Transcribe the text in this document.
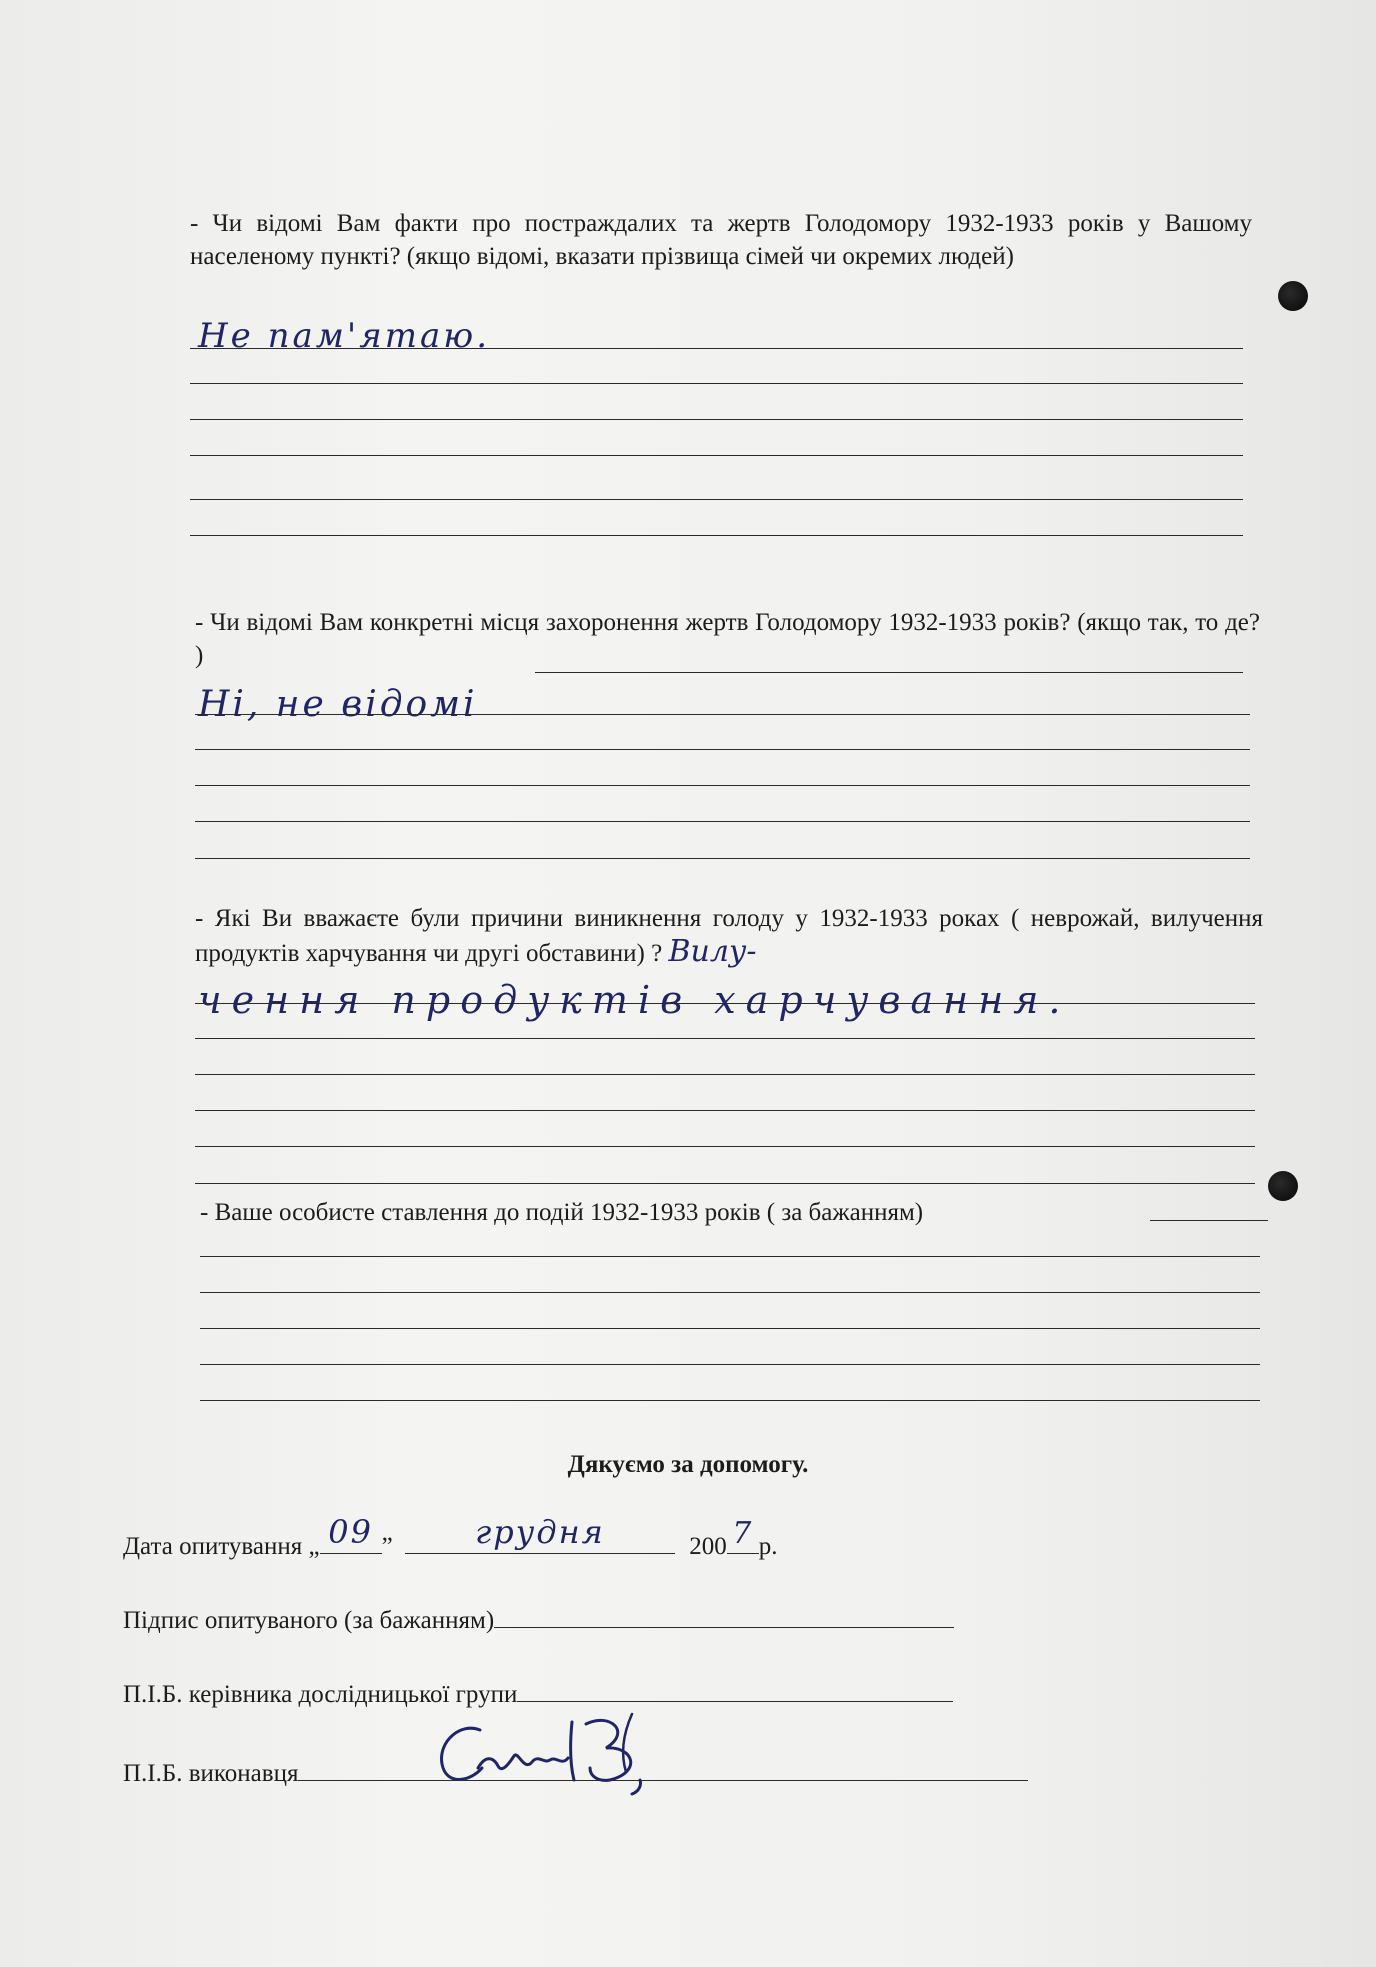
- Чи відомі Вам факти про постраждалих та жертв Голодомору 1932-1933 років у Вашому населеному пункті? (якщо відомі, вказати прізвища сімей чи окремих людей)
Не пам'ятаю.
- Чи відомі Вам конкретні місця захоронення жертв Голодомору 1932-1933 років? (якщо так, то де? )
Ні, не відомі
- Які Ви вважаєте були причини виникнення голоду у 1932-1933 роках ( неврожай, вилучення продуктів харчування чи другі обставини) ? Вилу-
чення продуктів харчування.
- Ваше особисте ставлення до подій 1932-1933 років ( за бажанням)
Дякуємо за допомогу.
Дата опитування „ 09 ”	грудня	200 7 р.
Підпис опитуваного (за бажанням)
П.І.Б. керівника дослідницької групи
П.І.Б. виконавця
